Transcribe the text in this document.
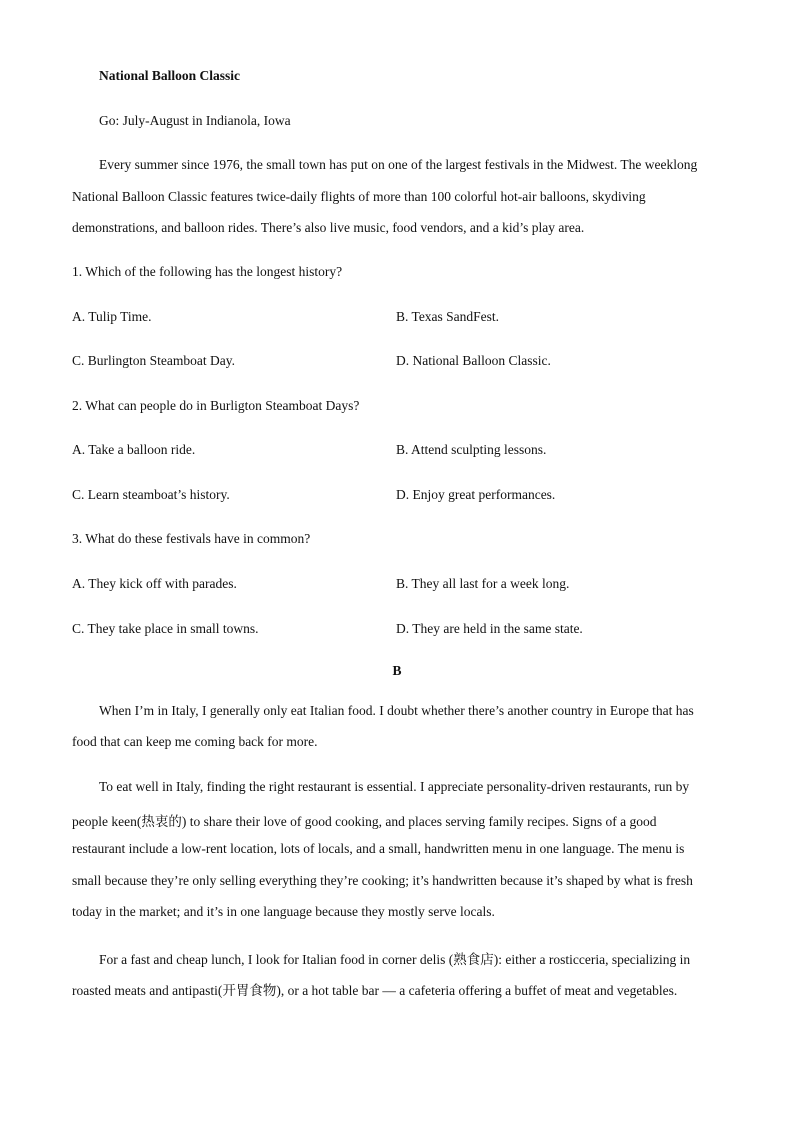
National Balloon Classic
Go: July-August in Indianola, Iowa
Every summer since 1976, the small town has put on one of the largest festivals in the Midwest. The weeklong
National Balloon Classic features twice-daily flights of more than 100 colorful hot-air balloons, skydiving
demonstrations, and balloon rides. There’s also live music, food vendors, and a kid’s play area.
1. Which of the following has the longest history?
A. Tulip Time.	B. Texas SandFest.
C. Burlington Steamboat Day.	D. National Balloon Classic.
2. What can people do in Burligton Steamboat Days?
A. Take a balloon ride.	B. Attend sculpting lessons.
C. Learn steamboat’s history.	D. Enjoy great performances.
3. What do these festivals have in common?
A. They kick off with parades.	B. They all last for a week long.
C. They take place in small towns.	D. They are held in the same state.
B
When I’m in Italy, I generally only eat Italian food. I doubt whether there’s another country in Europe that has
food that can keep me coming back for more.
To eat well in Italy, finding the right restaurant is essential. I appreciate personality-driven restaurants, run by
people keen(热衷的) to share their love of good cooking, and places serving family recipes. Signs of a good
restaurant include a low-rent location, lots of locals, and a small, handwritten menu in one language. The menu is
small because they’re only selling everything they’re cooking; it’s handwritten because it’s shaped by what is fresh
today in the market; and it’s in one language because they mostly serve locals.
For a fast and cheap lunch, I look for Italian food in corner delis (熟食店): either a rosticceria, specializing in
roasted meats and antipasti(开胃食物), or a hot table bar — a cafeteria offering a buffet of meat and vegetables.
